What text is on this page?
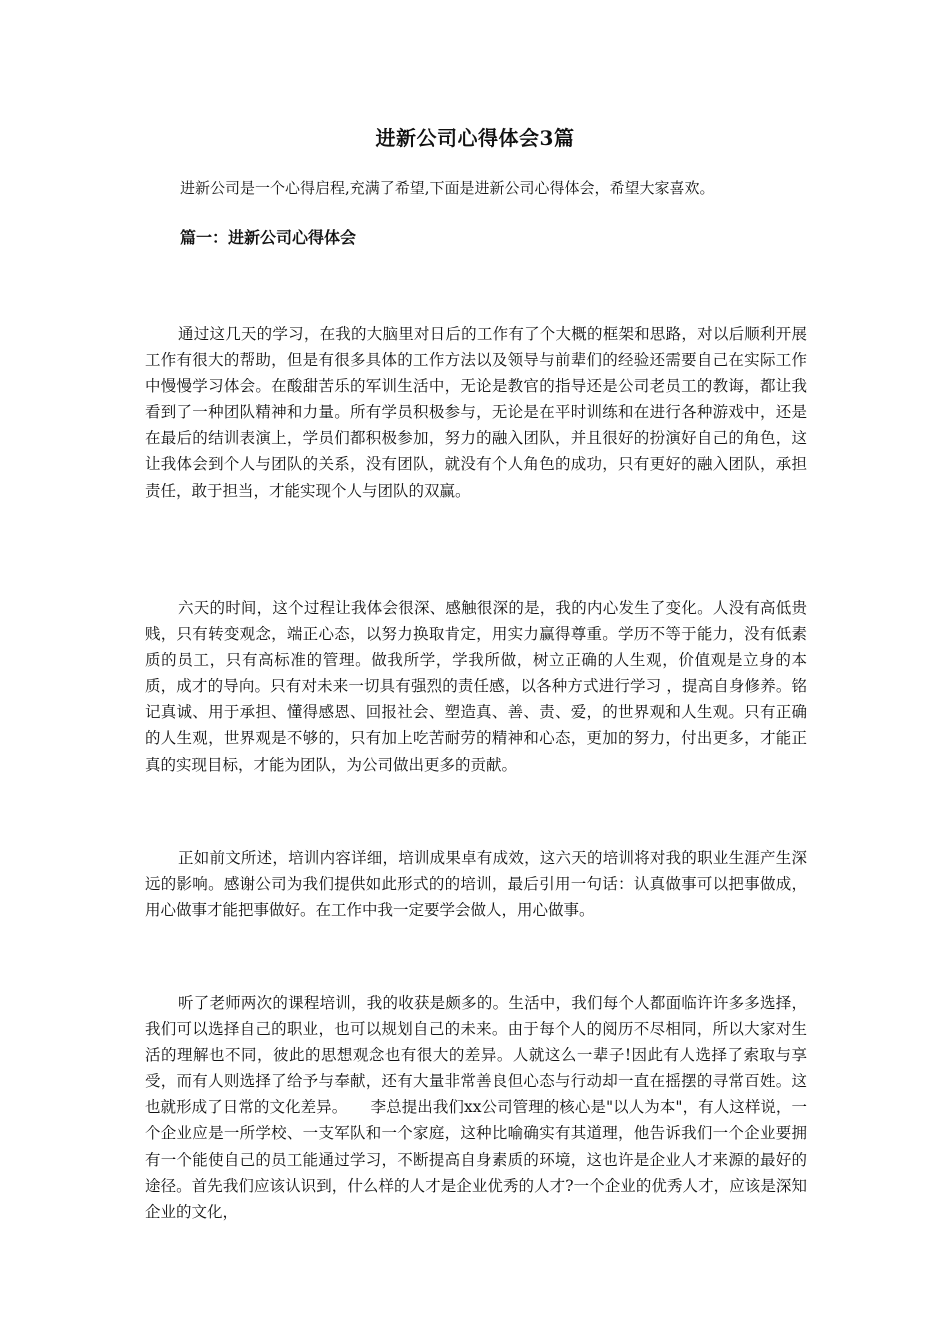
进新公司心得体会3篇
进新公司是一个心得启程,充满了希望,下面是进新公司心得体会，希望大家喜欢。
篇一：进新公司心得体会

通过这几天的学习，在我的大脑里对日后的工作有了个大概的框架和思路，对以后顺利开展工作有很大的帮助，但是有很多具体的工作方法以及领导与前辈们的经验还需要自己在实际工作中慢慢学习体会。在酸甜苦乐的军训生活中，无论是教官的指导还是公司老员工的教诲，都让我看到了一种团队精神和力量。所有学员积极参与，无论是在平时训练和在进行各种游戏中，还是在最后的结训表演上，学员们都积极参加，努力的融入团队，并且很好的扮演好自己的角色，这让我体会到个人与团队的关系，没有团队，就没有个人角色的成功，只有更好的融入团队，承担责任，敢于担当，才能实现个人与团队的双赢。

六天的时间，这个过程让我体会很深、感触很深的是，我的内心发生了变化。人没有高低贵贱，只有转变观念，端正心态，以努力换取肯定，用实力赢得尊重。学历不等于能力，没有低素质的员工，只有高标准的管理。做我所学，学我所做，树立正确的人生观，价值观是立身的本质，成才的导向。只有对未来一切具有强烈的责任感，以各种方式进行学习 ，提高自身修养。铭记真诚、用于承担、懂得感恩、回报社会、塑造真、善、责、爱，的世界观和人生观。只有正确的人生观，世界观是不够的，只有加上吃苦耐劳的精神和心态，更加的努力，付出更多，才能正真的实现目标，才能为团队，为公司做出更多的贡献。

正如前文所述，培训内容详细，培训成果卓有成效，这六天的培训将对我的职业生涯产生深远的影响。感谢公司为我们提供如此形式的的培训，最后引用一句话：认真做事可以把事做成，用心做事才能把事做好。在工作中我一定要学会做人，用心做事。

听了老师两次的课程培训，我的收获是颇多的。生活中，我们每个人都面临许许多多选择，我们可以选择自己的职业，也可以规划自己的未来。由于每个人的阅历不尽相同，所以大家对生活的理解也不同，彼此的思想观念也有很大的差异。人就这么一辈子!因此有人选择了索取与享受，而有人则选择了给予与奉献，还有大量非常善良但心态与行动却一直在摇摆的寻常百姓。这也就形成了日常的文化差异。　　李总提出我们xx公司管理的核心是"以人为本"，有人这样说，一个企业应是一所学校、一支军队和一个家庭，这种比喻确实有其道理，他告诉我们一个企业要拥有一个能使自己的员工能通过学习，不断提高自身素质的环境，这也许是企业人才来源的最好的途径。首先我们应该认识到，什么样的人才是企业优秀的人才?一个企业的优秀人才，应该是深知企业的文化，
